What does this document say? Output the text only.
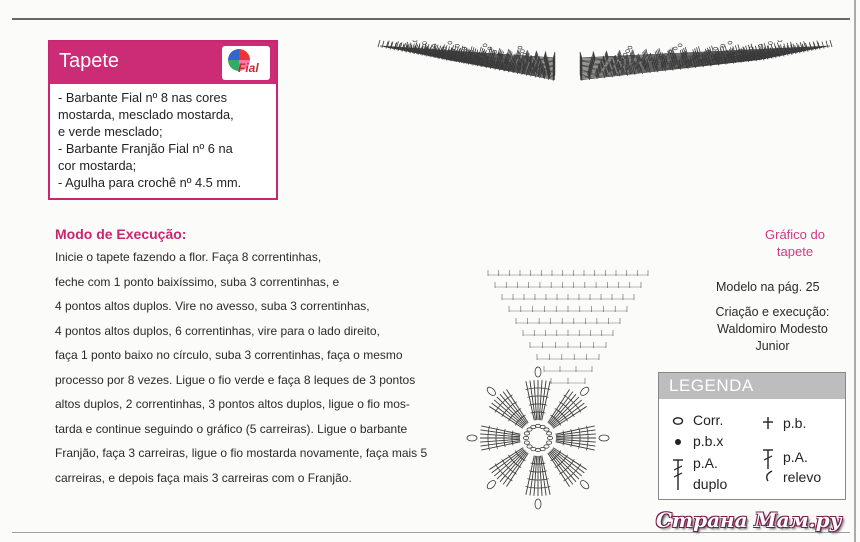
Tapete	Fial
- Barbante Fial nº 8 nas cores
mostarda, mesclado mostarda,
e verde mesclado;
- Barbante Franjão Fial nº 6 na
cor mostarda;
- Agulha para crochê nº 4.5 mm.
Modo de Execução:
Inicie o tapete fazendo a flor. Faça 8 correntinhas,
feche com 1 ponto baixíssimo, suba 3 correntinhas, e
4 pontos altos duplos. Vire no avesso, suba 3 correntinhas,
4 pontos altos duplos, 6 correntinhas, vire para o lado direito,
faça 1 ponto baixo no círculo, suba 3 correntinhas, faça o mesmo
processo por 8 vezes. Ligue o fio verde e faça 8 leques de 3 pontos
altos duplos, 2 correntinhas, 3 pontos altos duplos, ligue o fio mos-
tarda e continue seguindo o gráfico (5 carreiras). Ligue o barbante
Franjão, faça 3 carreiras, ligue o fio mostarda novamente, faça mais 5
carreiras, e depois faça mais 3 carreiras com o Franjão.
Gráfico do
tapete
Modelo na pág. 25
Criação e execução:
Waldomiro Modesto
Junior
LEGENDA
Corr.
p.b.x
p.A.
duplo
p.b.
p.A.
relevo
Страна Мам.ру
